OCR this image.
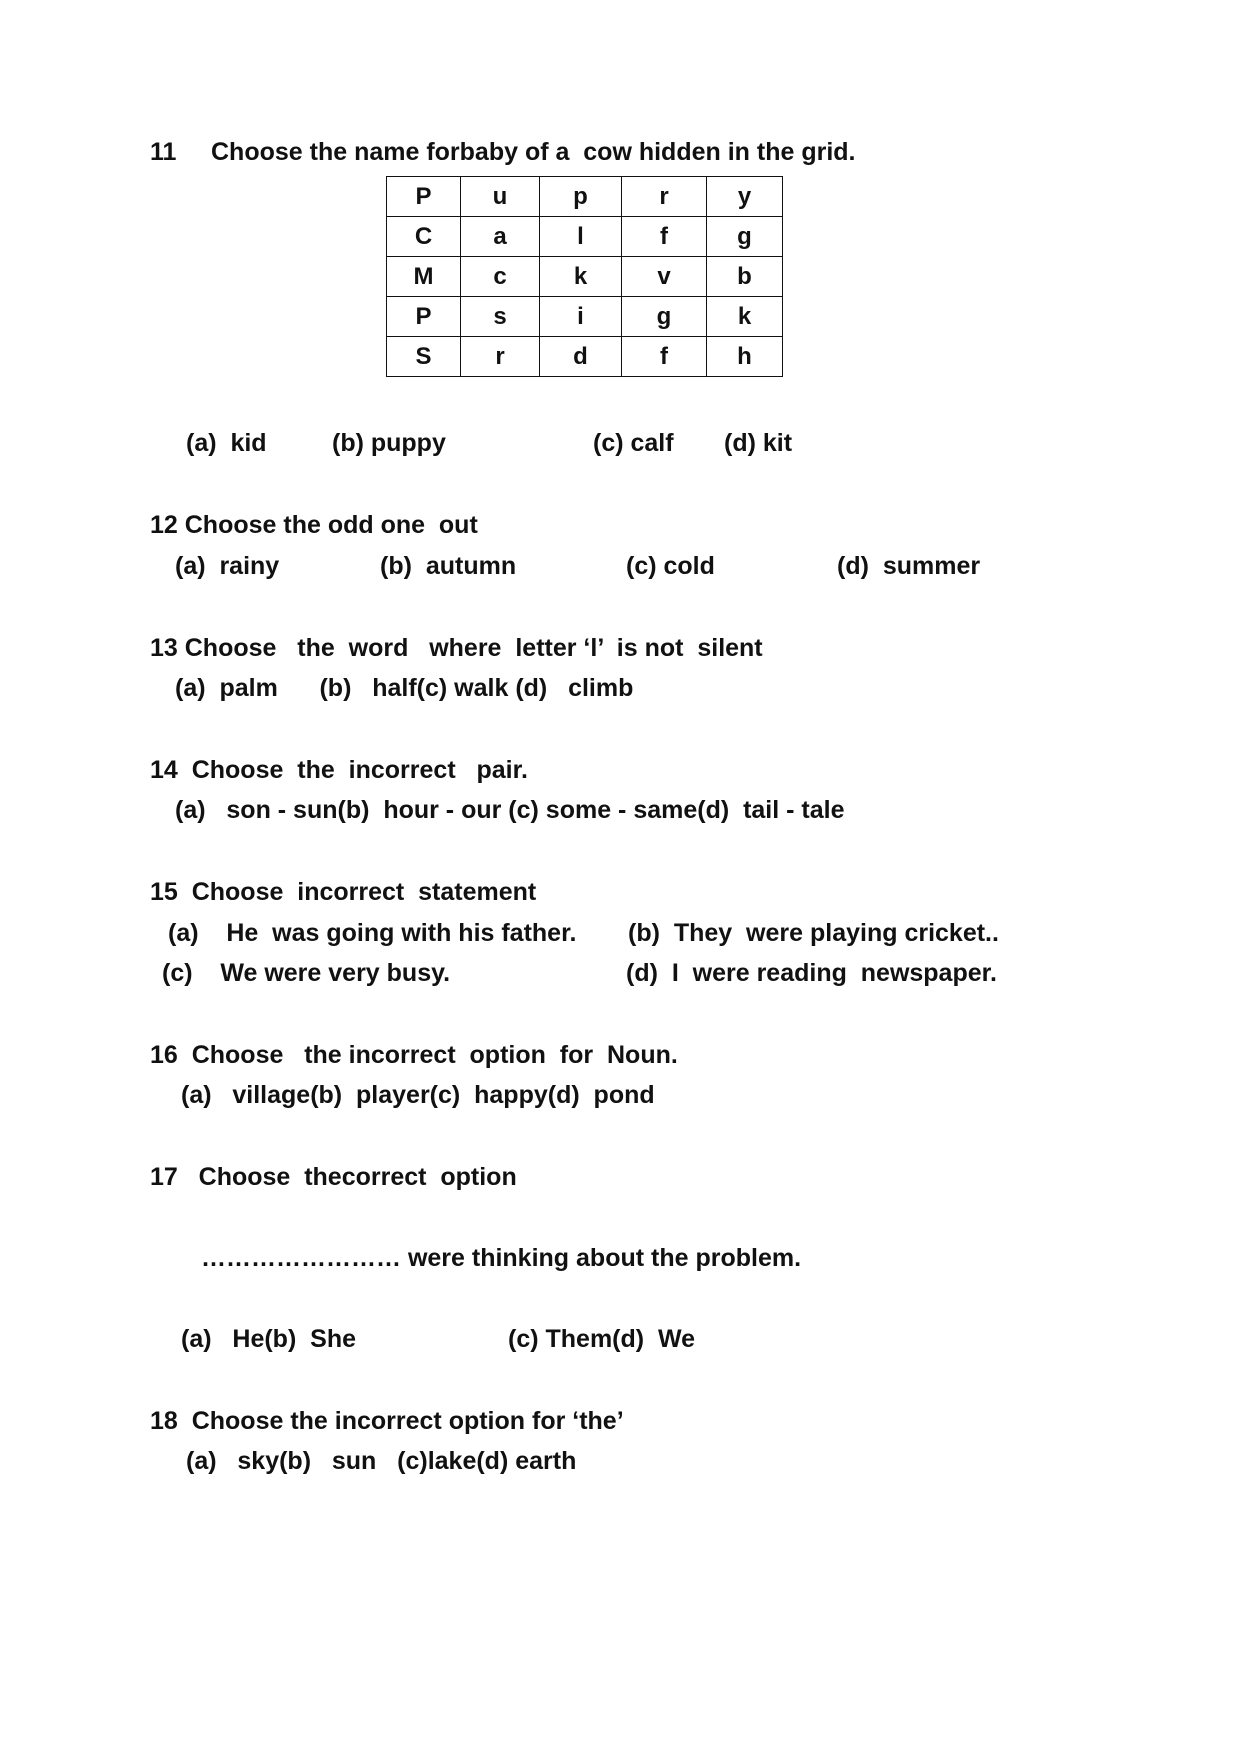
11 Choose the name forbaby of a  cow hidden in the grid.
P	u	p	r	y
C	a	l	f	g
M	c	k	v	b
P	s	i	g	k
S	r	d	f	h
(a)  kid	(b) puppy	(c) calf (d) kit
12 Choose the odd one  out
(a)  rainy	(b)  autumn	(c) cold	(d)  summer
13 Choose   the  word   where  letter ‘l’  is not  silent
(a)  palm      (b)   half(c) walk (d)   climb
14  Choose  the  incorrect   pair.
(a)   son - sun(b)  hour - our (c) some - same(d)  tail - tale
15  Choose  incorrect  statement
(a)    He  was going with his father. (b)  They  were playing cricket..
(c)    We were very busy.	(d)  I  were reading  newspaper.
16  Choose   the incorrect  option  for  Noun.
(a)   village(b)  player(c)  happy(d)  pond
17   Choose  thecorrect  option
…………………… were thinking about the problem.
(a)   He(b)  She	(c) Them(d)  We
18  Choose the incorrect option for ‘the’
(a)   sky(b)   sun   (c)lake(d) earth
